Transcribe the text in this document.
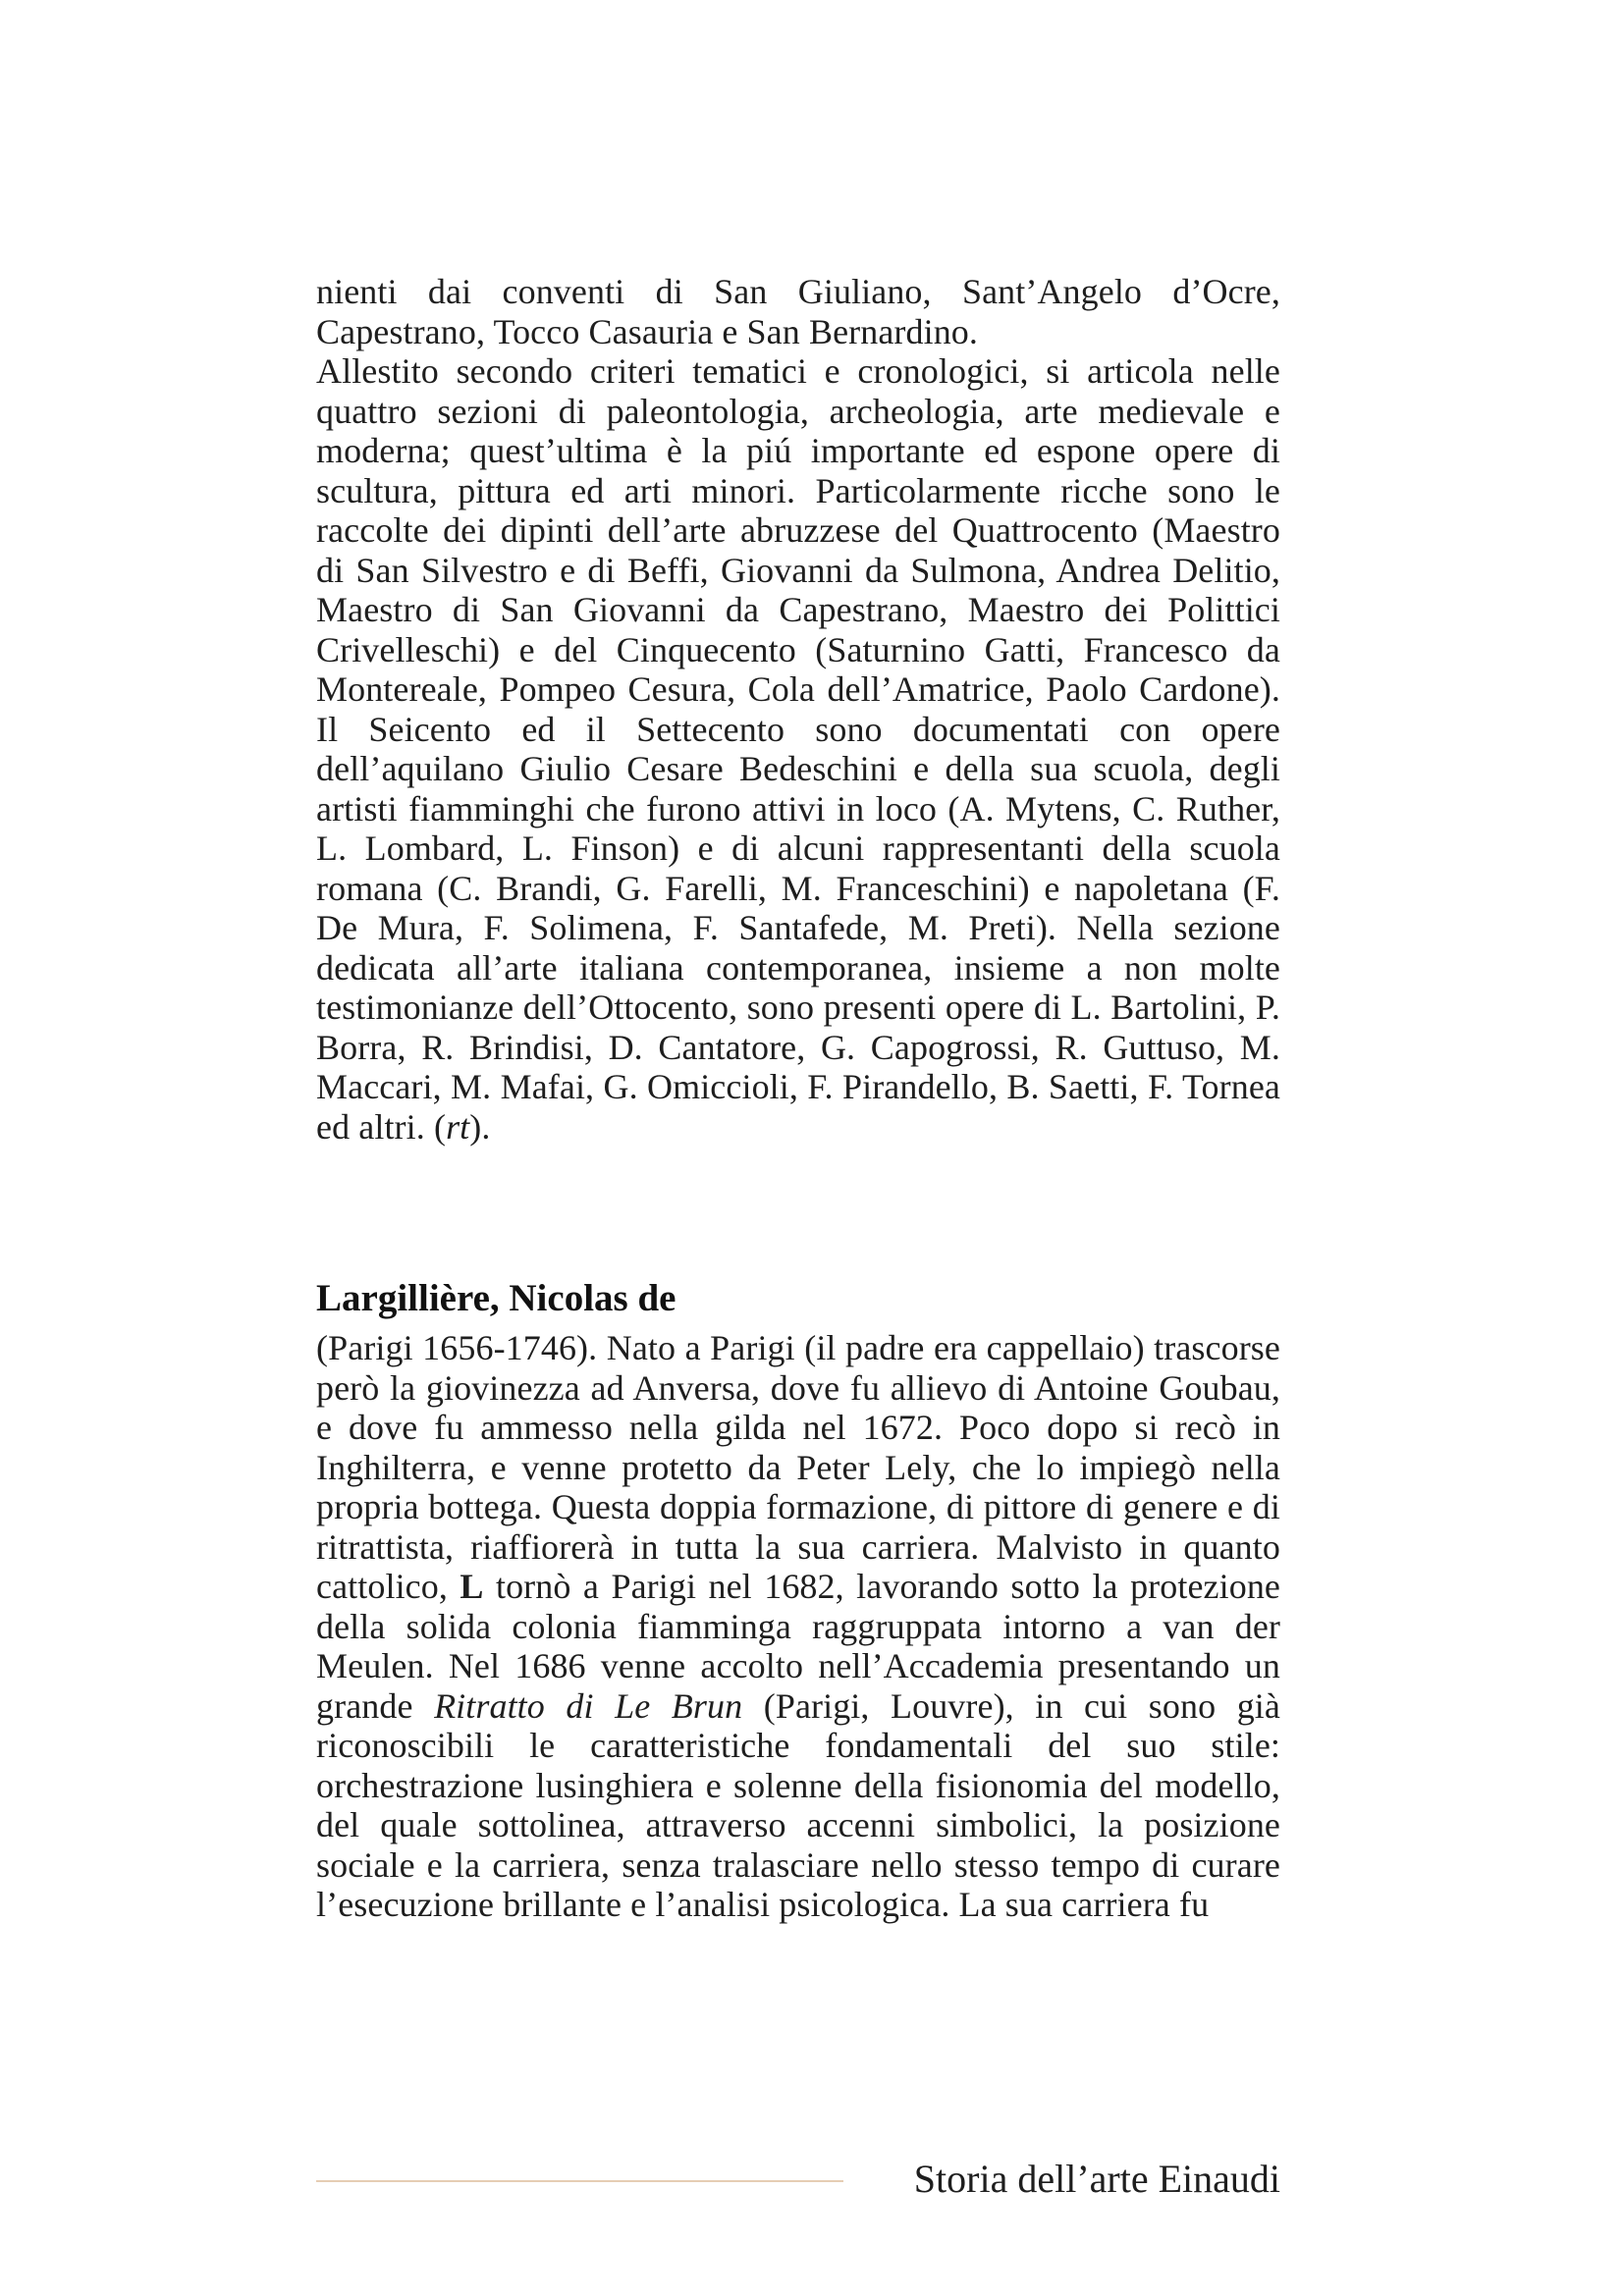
nienti dai conventi di San Giuliano, Sant’Angelo d’Ocre, Capestrano, Tocco Casauria e San Bernardino.

Allestito secondo criteri tematici e cronologici, si articola nelle quattro sezioni di paleontologia, archeologia, arte medievale e moderna; quest’ultima è la piú importante ed espone opere di scultura, pittura ed arti minori. Particolarmente ricche sono le raccolte dei dipinti dell’arte abruzzese del Quattrocento (Maestro di San Silvestro e di Beffi, Giovanni da Sulmona, Andrea Delitio, Maestro di San Giovanni da Capestrano, Maestro dei Polittici Crivelleschi) e del Cinquecento (Saturnino Gatti, Francesco da Montereale, Pompeo Cesura, Cola dell’Amatrice, Paolo Cardone). Il Seicento ed il Settecento sono documentati con opere dell’aquilano Giulio Cesare Bedeschini e della sua scuola, degli artisti fiamminghi che furono attivi in loco (A. Mytens, C. Ruther, L. Lombard, L. Finson) e di alcuni rappresentanti della scuola romana (C. Brandi, G. Farelli, M. Franceschini) e napoletana (F. De Mura, F. Solimena, F. Santafede, M. Preti). Nella sezione dedicata all’arte italiana contemporanea, insieme a non molte testimonianze dell’Ottocento, sono presenti opere di L. Bartolini, P. Borra, R. Brindisi, D. Cantatore, G. Capogrossi, R. Guttuso, M. Maccari, M. Mafai, G. Omiccioli, F. Pirandello, B. Saetti, F. Tornea ed altri. (rt).

Largillière, Nicolas de

(Parigi 1656-1746). Nato a Parigi (il padre era cappellaio) trascorse però la giovinezza ad Anversa, dove fu allievo di Antoine Goubau, e dove fu ammesso nella gilda nel 1672. Poco dopo si recò in Inghilterra, e venne protetto da Peter Lely, che lo impiegò nella propria bottega. Questa doppia formazione, di pittore di genere e di ritrattista, riaffiorerà in tutta la sua carriera. Malvisto in quanto cattolico, L tornò a Parigi nel 1682, lavorando sotto la protezione della solida colonia fiamminga raggruppata intorno a van der Meulen. Nel 1686 venne accolto nell’Accademia presentando un grande Ritratto di Le Brun (Parigi, Louvre), in cui sono già riconoscibili le caratteristiche fondamentali del suo stile: orchestrazione lusinghiera e solenne della fisionomia del modello, del quale sottolinea, attraverso accenni simbolici, la posizione sociale e la carriera, senza tralasciare nello stesso tempo di curare l’esecuzione brillante e l’analisi psicologica. La sua carriera fu

Storia dell’arte Einaudi
